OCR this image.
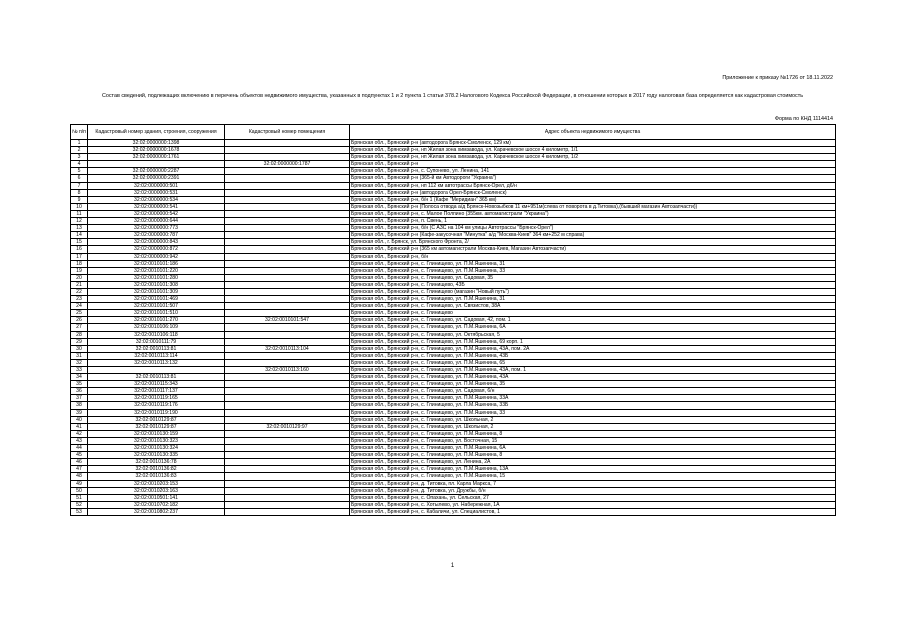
Приложение к приказу №1726 от 18.11.2022
Состав сведений, подлежащих включению в перечень объектов недвижимого имущества, указанных в подпунктах 1 и 2 пункта 1 статьи 378.2 Налогового Кодекса Российской Федерации, в отношении которых в 2017 году налоговая база определяется как кадастровая стоимость
Форма по КНД 1114414
№ п/п	Кадастровый номер здания, строения, сооружения	Кадастровый номер помещения	Адрес объекта недвижимого имущества
1	32:02:0000000:1398		Брянская обл., Брянский р-н (автодорога Брянск-Смоленск, 129 км)
2	32:02:0000000:1678		Брянская обл., Брянский р-н, нп Жилая зона химзавода, ул. Карачевское шоссе 4 километр, 1/1
3	32:02:0000000:1761		Брянская обл., Брянский р-н, нп Жилая зона химзавода, ул. Карачевское шоссе 4 километр, 1/2
4		32:02:0000000:1787	Брянская обл., Брянский р-н
5	32:02:0000000:2287		Брянская обл., Брянский р-н, с. Супонево, ул. Ленина, 141
6	32:02:0000000:2391		Брянская обл., Брянский р-н (365-й км Автодороги "Украина")
7	32:02:0000000:501		Брянская обл., Брянский р-н, нп 112 км автотрассы Брянск-Орел, д6/н
8	32:02:0000000:531		Брянская обл., Брянский р-н (автодорога Орел-Брянск-Смоленск)
9	32:02:0000000:534		Брянская обл., Брянский р-н, б/н 1 (Кафе "Меридиан" 365 км)
10	32:02:0000000:541		Брянская обл., Брянский р-н (Полоса отвода а/д Брянск-Новозыбков 11 км+951м(слева от поворота в д.Титовка),(бывший магазин Автозапчасти))
11	32:02:0000000:542		Брянская обл., Брянский р-н, с. Малое Полпино (355км. автомагистрали "Украина")
12	32:02:0000000:644		Брянская обл., Брянский р-н, п. Свень, 1
13	32:02:0000000:773		Брянская обл., Брянский р-н, б/н (С АЗС на 104 км улицы Автотрассы "Брянск-Орел")
14	32:02:0000000:787		Брянская обл., Брянский р-н (Кафе-закусочная "Минутка" а/д "Москва-Киев" 364 км+252 м справа)
15	32:02:0000000:843		Брянская обл., г. Брянск, ул. Брянского Фронта, 2/
16	32:02:0000000:872		Брянская обл., Брянский р-н (365 км автомагистрали Москва-Киев, Магазин Автозапчасти)
17	32:02:0000000:942		Брянская обл., Брянский р-н, б/н
18	32:02:0010101:186		Брянская обл., Брянский р-н, с. Глинищево, ул. П.М.Яшенина, 31
19	32:02:0010101:220		Брянская обл., Брянский р-н, с. Глинищево, ул. П.М.Яшенина, 33
20	32:02:0010101:280		Брянская обл., Брянский р-н, с. Глинищево, ул. Садовая, 35
21	32:02:0010101:308		Брянская обл., Брянский р-н, с. Глинищево, 43Б
22	32:02:0010101:309		Брянская обл., Брянский р-н, с. Глинищево (магазин "Новый путь")
23	32:02:0010101:469		Брянская обл., Брянский р-н, с. Глинищево, ул. П.М.Яшенина, 31
24	32:02:0010101:507		Брянская обл., Брянский р-н, с. Глинищево, ул. Связистов, 38А
25	32:02:0010101:510		Брянская обл., Брянский р-н, с. Глинищево
26	32:02:0010101:270	32:02:0010101:547	Брянская обл., Брянский р-н, с. Глинищево, ул. Садовая, 42, пом. 1
27	32:02:0010106:109		Брянская обл., Брянский р-н, с. Глинищево, ул. П.М.Яшенина, 6А
28	32:02:0010106:118		Брянская обл., Брянский р-н, с. Глинищево, ул. Октябрьская, 5
29	32:02:0010111:79		Брянская обл., Брянский р-н, с. Глинищево, ул. П.М.Яшенина, 69 корп. 1
30	32:02:0010113:81	32:02:0010113:104	Брянская обл., Брянский р-н, с. Глинищево, ул. П.М.Яшенина, 43А, пом. 2А
31	32:02:0010113:114		Брянская обл., Брянский р-н, с. Глинищево, ул. П.М.Яшенина, 43Б
32	32:02:0010113:132		Брянская обл., Брянский р-н, с. Глинищево, ул. П.М.Яшенина, 65
33		32:02:0010113:160	Брянская обл., Брянский р-н, с. Глинищево, ул. П.М.Яшенина, 43А, пом. 1
34	32:02:0010113:81		Брянская обл., Брянский р-н, с. Глинищево, ул. П.М.Яшенина, 43А
35	32:02:0010115:343		Брянская обл., Брянский р-н, с. Глинищево, ул. П.М.Яшенина, 35
36	32:02:0010117:137		Брянская обл., Брянский р-н, с. Глинищево, ул. Садовая, 6/н
37	32:02:0010119:165		Брянская обл., Брянский р-н, с. Глинищево, ул. П.М.Яшенина, 33А
38	32:02:0010119:176		Брянская обл., Брянский р-н, с. Глинищево, ул. П.М.Яшенина, 33Б
39	32:02:0010119:190		Брянская обл., Брянский р-н, с. Глинищево, ул. П.М.Яшенина, 33
40	32:02:0010129:87		Брянская обл., Брянский р-н, с. Глинищево, ул. Школьная, 2
41	32:02:0010129:87	32:02:0010129:97	Брянская обл., Брянский р-н, с. Глинищево, ул. Школьная, 2
42	32:02:0010130:159		Брянская обл., Брянский р-н, с. Глинищево, ул. П.М.Яшенина, 8
43	32:02:0010130:323		Брянская обл., Брянский р-н, с. Глинищево, ул. Восточная, 15
44	32:02:0010130:324		Брянская обл., Брянский р-н, с. Глинищево, ул. П.М.Яшенина, 6А
45	32:02:0010130:335		Брянская обл., Брянский р-н, с. Глинищево, ул. П.М.Яшенина, 8
46	32:02:0010136:78		Брянская обл., Брянский р-н, с. Глинищево, ул. Ленина, 2А
47	32:02:0010136:82		Брянская обл., Брянский р-н, с. Глинищево, ул. П.М.Яшенина, 13А
48	32:02:0010136:83		Брянская обл., Брянский р-н, с. Глинищево, ул. П.М.Яшенина, 15
49	32:02:0010203:153		Брянская обл., Брянский р-н, д. Титовка, пл. Карла Маркса, 7
50	32:02:0010203:163		Брянская обл., Брянский р-н, д. Титовка, ул. Дружбы, б/н
51	32:02:0010501:141		Брянская обл., Брянский р-н, с. Опахань, ул. Сельская, 27
52	32:02:0010702:182		Брянская обл., Брянский р-н, с. Хотылево, ул. Набережная, 1А
53	32:02:0010802:237		Брянская обл., Брянский р-н, с. Кабаличи, ул. Специалистов, 1
1
